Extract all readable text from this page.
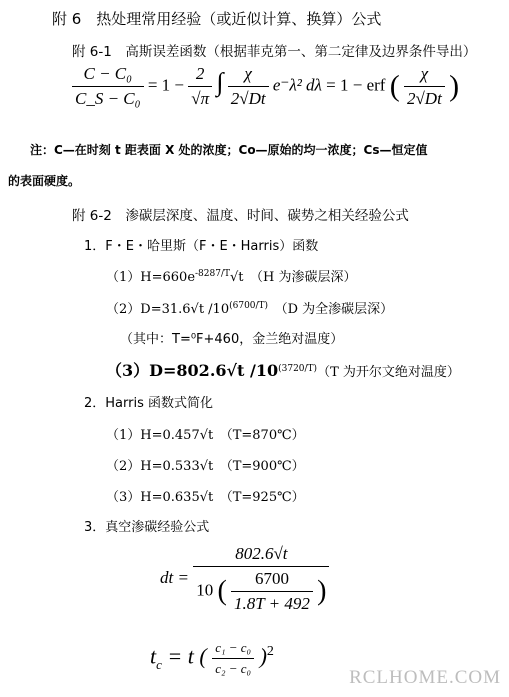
附 6　热处理常用经验（或近似计算、换算）公式
附 6-1　高斯误差函数（根据菲克第一、第二定律及边界条件导出）
$\frac{\text{C − C₀}}{\text{C\_S − C₀}} = 1 - \frac{2}{√\pi}$ ∫ $\frac{\chi}{2√Dt} e^-\lambda^2$ dλ = 1 − erf ( $\frac{\chi}{2√Dt}$ )
注：C—在时刻 t 距表面 X 处的浓度；Co—原始的均一浓度；Cs—恒定值
的表面硬度。
附 6-2　渗碳层深度、温度、时间、碳势之相关经验公式
1．F・E・哈里斯（F・E・Harris）函数
$(1)H=660e^{-8287/T}√t$　（H 为渗碳层深）
（2）D=31.6√t $/10^{(6700/T)}$　（D 为全渗碳层深）
（其中：T=⁰F+460，金兰绝对温度）
（3）D=802.6√t $/10^{(3720/T)}(T$ 为开尔文绝对温度）
2．Harris 函数式简化
（1）H=0.457√t　（T=870℃）
（2）H=0.533√t　（T=900℃）
（3）H=0.635√t　（T=925℃）
3．真空渗碳经验公式
dt =
802.6√t
10 ( $\frac{6700}{1.8T + 492}$ )
$t_c = t$ ( $\frac{\text{c₁ − c₀}}{\text{c₂ − c₀}} )^2$
RCLHOME.COM
